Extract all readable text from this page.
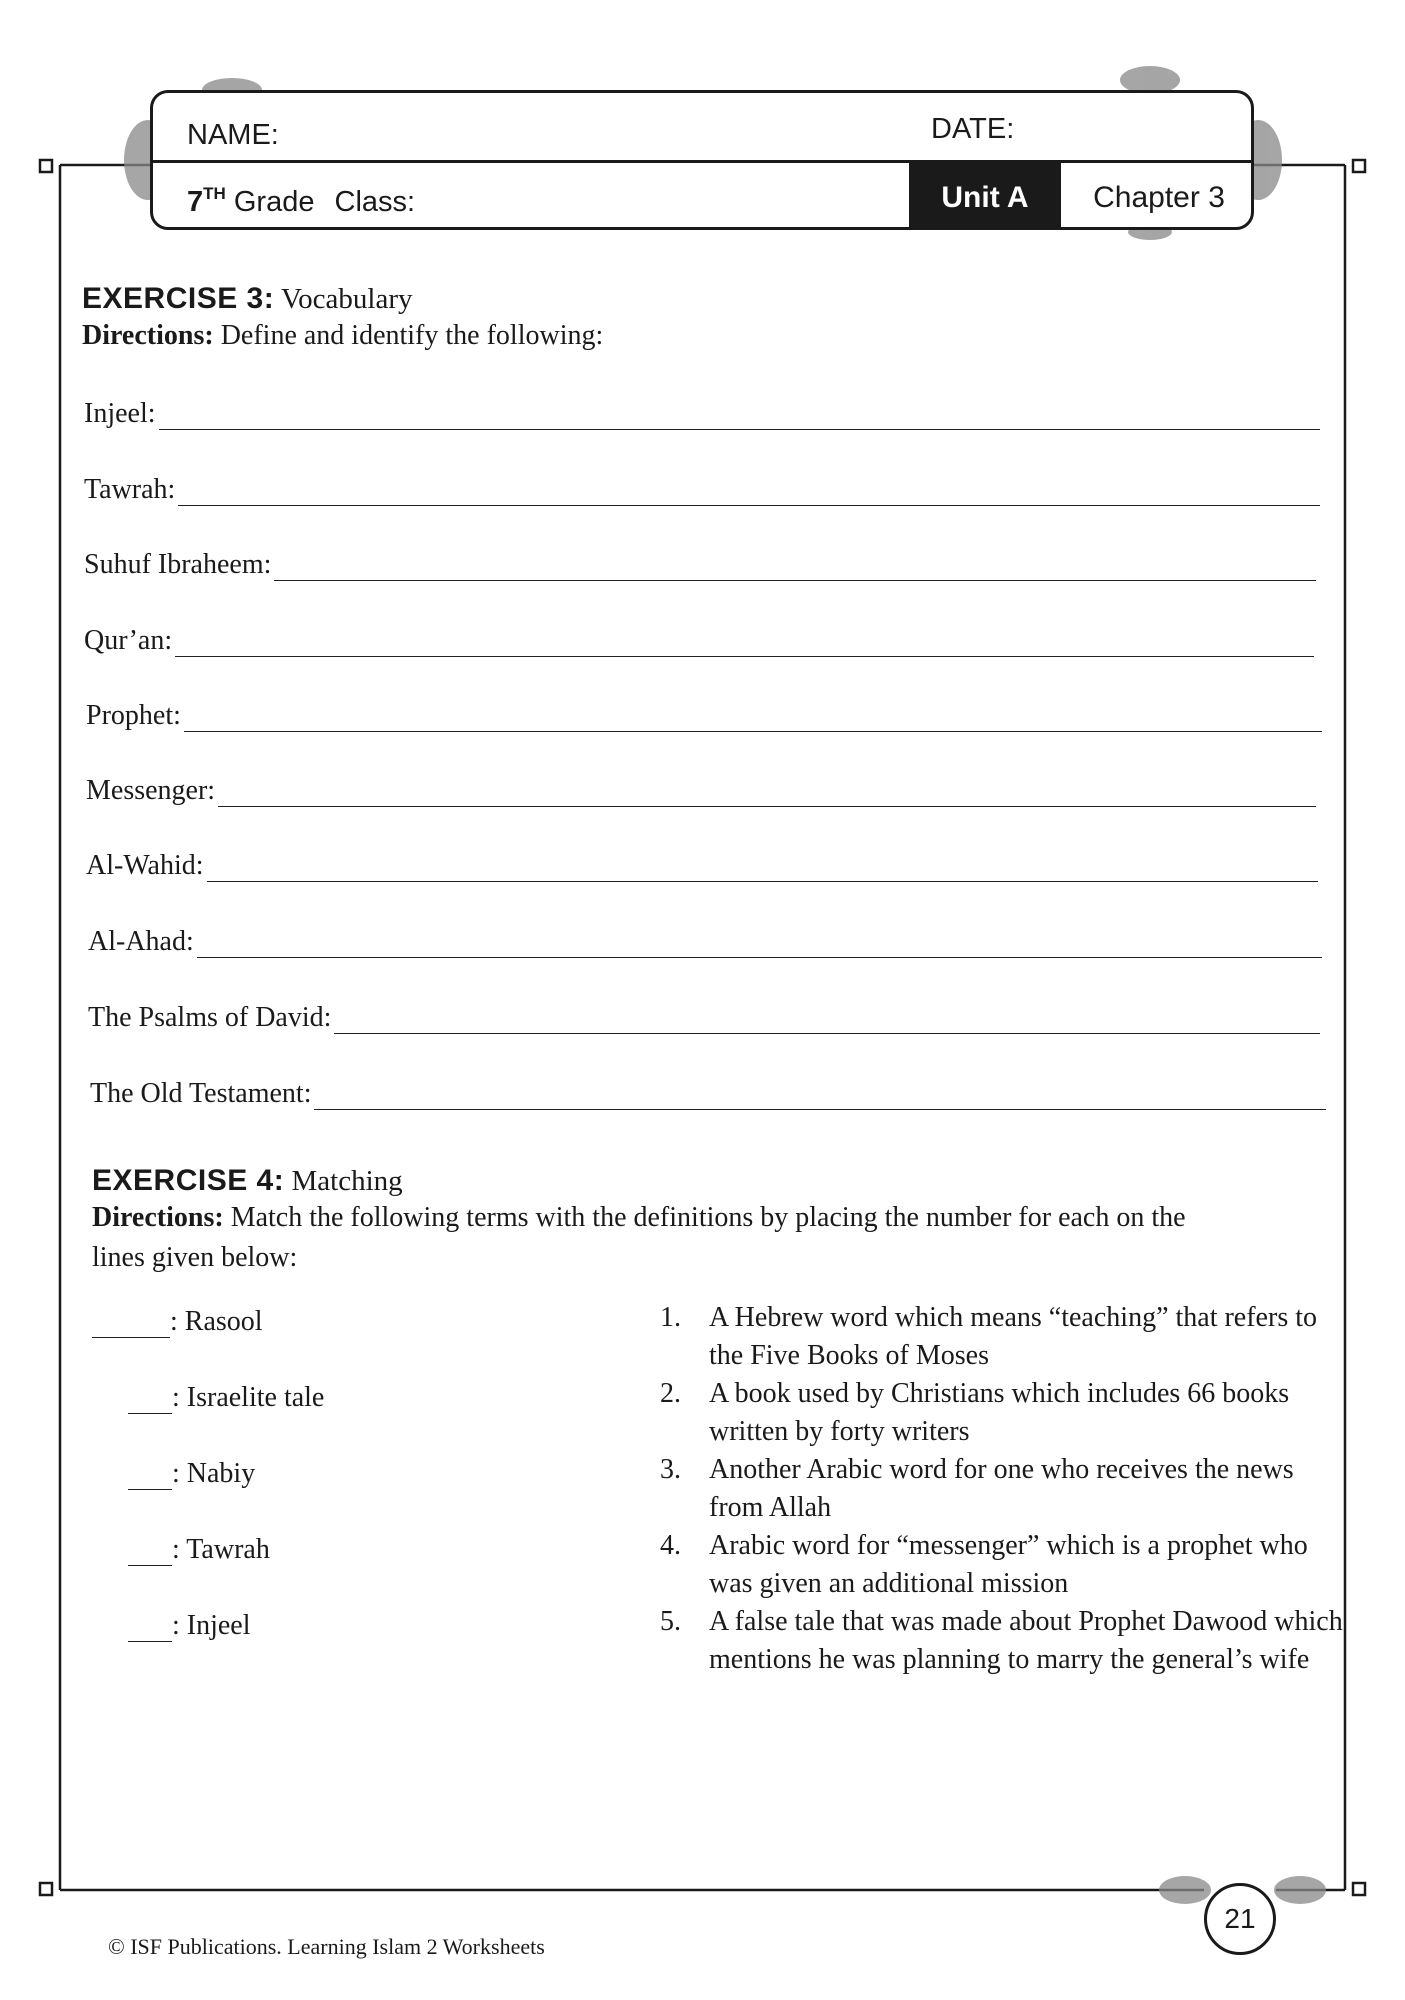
NAME:	DATE:
7TH Grade Class:	Unit A	Chapter 3
EXERCISE 3: Vocabulary
Directions: Define and identify the following:
Injeel:
Tawrah:
Suhuf Ibraheem:
Qur’an:
Prophet:
Messenger:
Al-Wahid:
Al-Ahad:
The Psalms of David:
The Old Testament:
EXERCISE 4: Matching
Directions: Match the following terms with the definitions by placing the number for each on the
lines given below:
: Rasool
: Israelite tale
: Nabiy
: Tawrah
: Injeel
1. A Hebrew word which means “teaching” that refers to the Five Books of Moses
2. A book used by Christians which includes 66 books written by forty writers
3. Another Arabic word for one who receives the news from Allah
4. Arabic word for “messenger” which is a prophet who was given an additional mission
5. A false tale that was made about Prophet Dawood which mentions he was planning to marry the general’s wife
21
© ISF Publications. Learning Islam 2 Worksheets
